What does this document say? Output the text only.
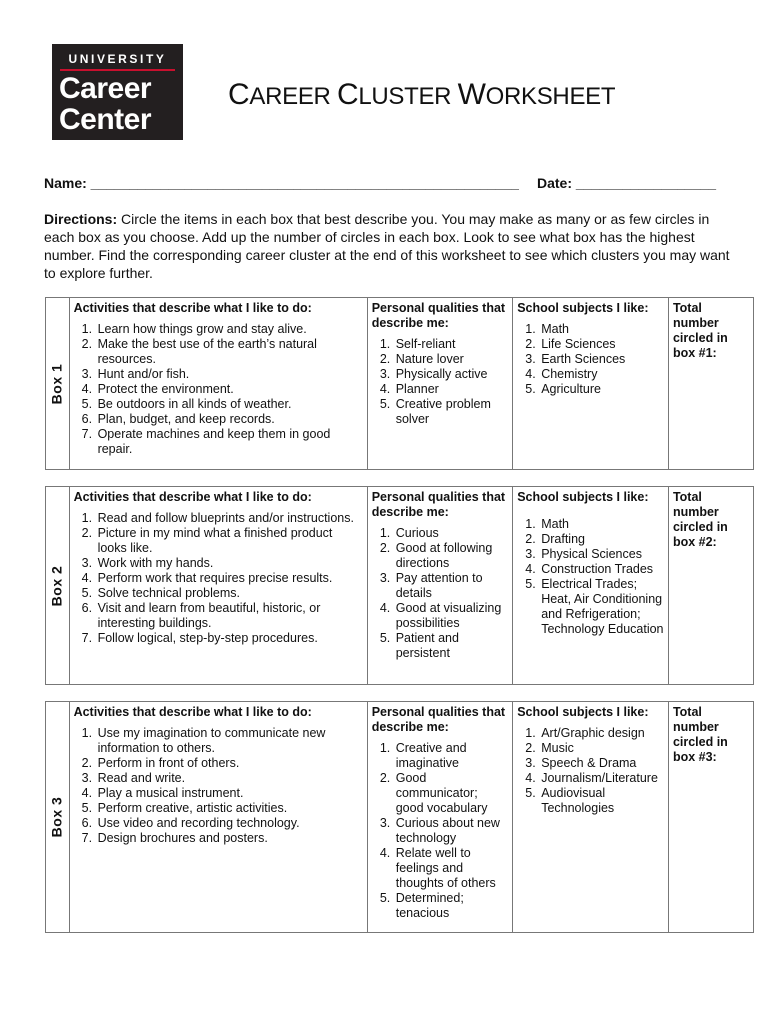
UNIVERSITY
Career
Center
CAREER CLUSTER WORKSHEET
Name: _______________________________________________________ Date: __________________

Directions: Circle the items in each box that best describe you. You may make as many or as few circles in each box as you choose. Add up the number of circles in each box. Look to see what box has the highest number. Find the corresponding career cluster at the end of this worksheet to see which clusters you may want to explore further.

Box 1

Activities that describe what I like to do:
1. Learn how things grow and stay alive.
2. Make the best use of the earth’s natural resources.
3. Hunt and/or fish.
4. Protect the environment.
5. Be outdoors in all kinds of weather.
6. Plan, budget, and keep records.
7. Operate machines and keep them in good repair.

Personal qualities that describe me:
1. Self-reliant
2. Nature lover
3. Physically active
4. Planner
5. Creative problem solver

School subjects I like:
1. Math
2. Life Sciences
3. Earth Sciences
4. Chemistry
5. Agriculture
	Total number circled in box #1:
Box 2

Activities that describe what I like to do:
1. Read and follow blueprints and/or instructions.
2. Picture in my mind what a finished product looks like.
3. Work with my hands.
4. Perform work that requires precise results.
5. Solve technical problems.
6. Visit and learn from beautiful, historic, or interesting buildings.
7. Follow logical, step-by-step procedures.

Personal qualities that describe me:
1. Curious
2. Good at following directions
3. Pay attention to details
4. Good at visualizing possibilities
5. Patient and persistent

School subjects I like:
1. Math
2. Drafting
3. Physical Sciences
4. Construction Trades
5. Electrical Trades; Heat, Air Conditioning and Refrigeration; Technology Education
	Total number circled in box #2:
Box 3

Activities that describe what I like to do:
1. Use my imagination to communicate new information to others.
2. Perform in front of others.
3. Read and write.
4. Play a musical instrument.
5. Perform creative, artistic activities.
6. Use video and recording technology.
7. Design brochures and posters.

Personal qualities that describe me:
1. Creative and imaginative
2. Good communicator; good vocabulary
3. Curious about new technology
4. Relate well to feelings and thoughts of others
5. Determined; tenacious

School subjects I like:
1. Art/Graphic design
2. Music
3. Speech & Drama
4. Journalism/Literature
5. Audiovisual Technologies
	Total number circled in box #3:
